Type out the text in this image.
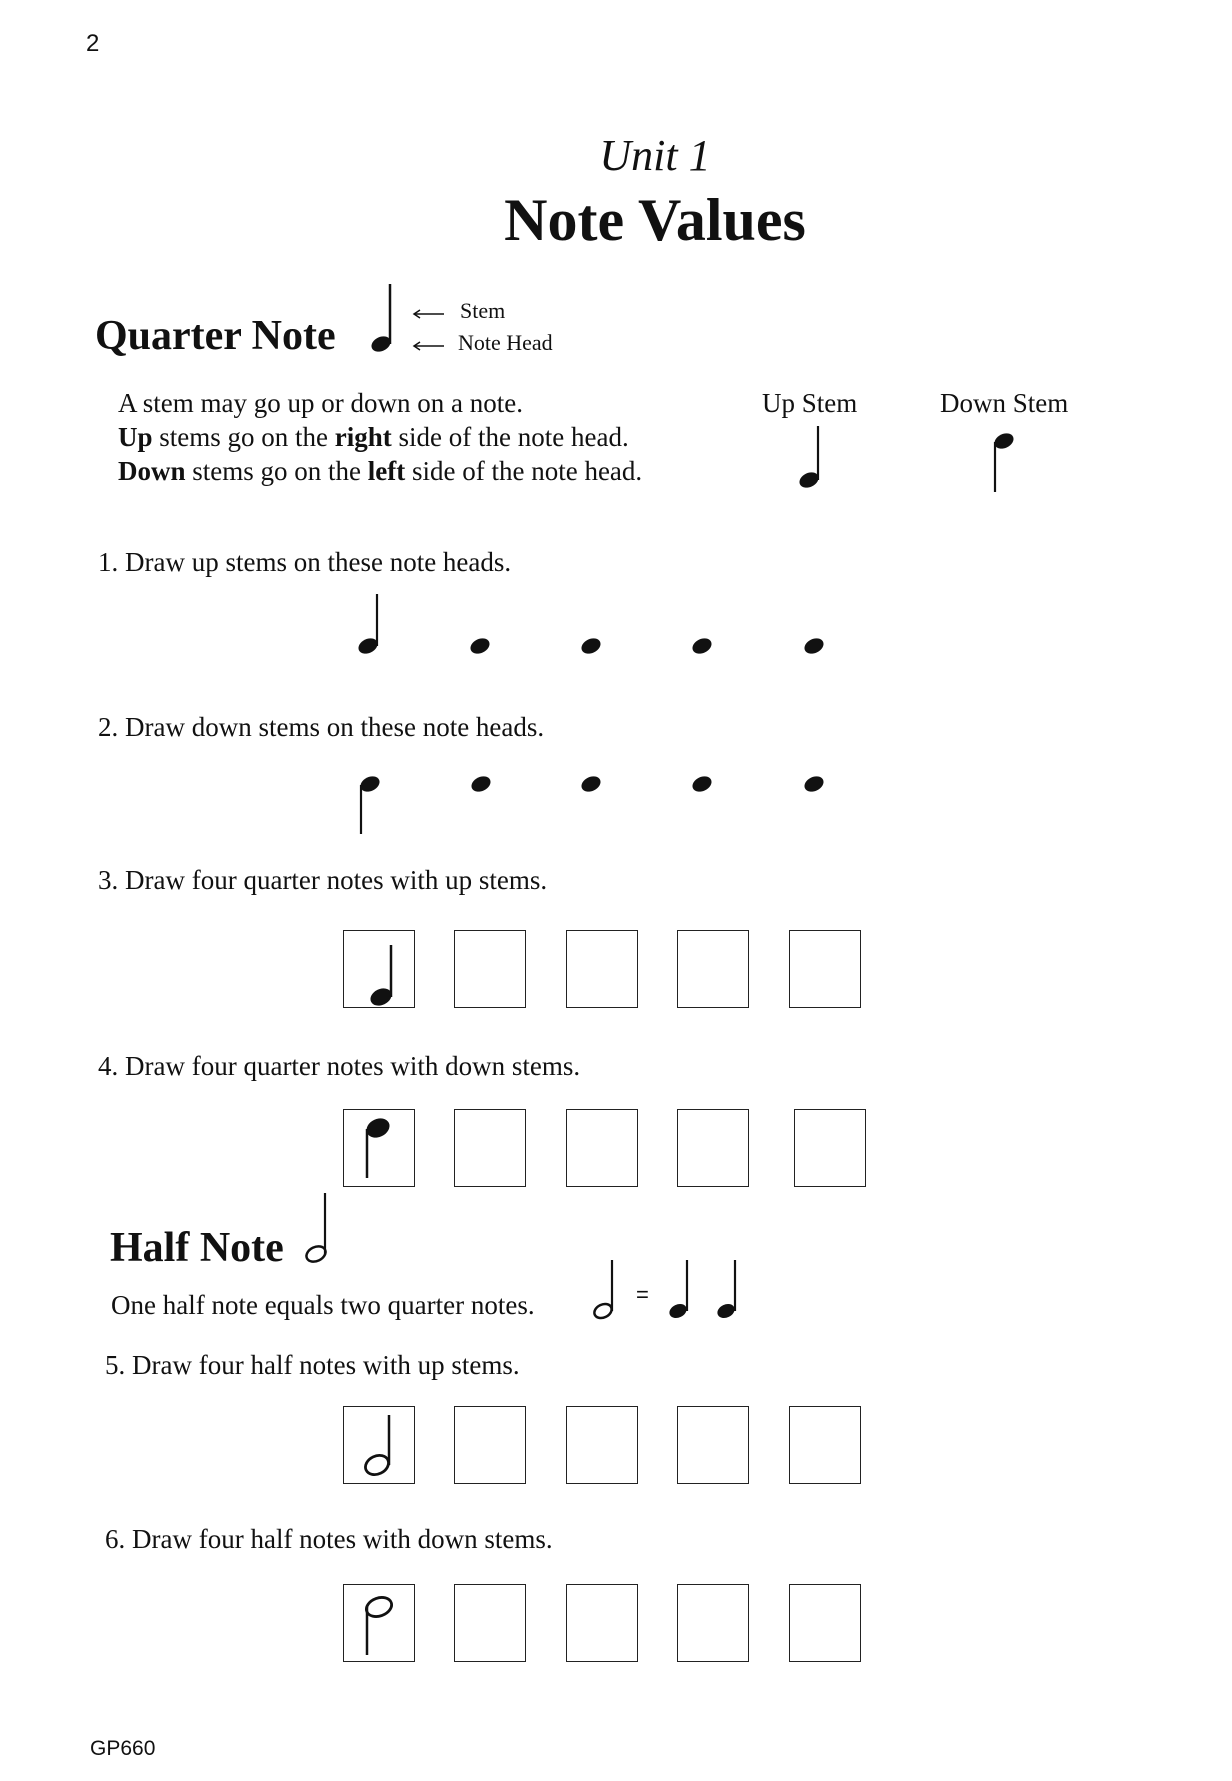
2
Unit 1
Note Values
Quarter Note
Stem
Note Head
A stem may go up or down on a note.
Up stems go on the right side of the note head.
Down stems go on the left side of the note head.
Up Stem	Down Stem
1. Draw up stems on these note heads.
2. Draw down stems on these note heads.
3. Draw four quarter notes with up stems.
4. Draw four quarter notes with down stems.
Half Note
One half note equals two quarter notes.	=
5. Draw four half notes with up stems.
6. Draw four half notes with down stems.
GP660
